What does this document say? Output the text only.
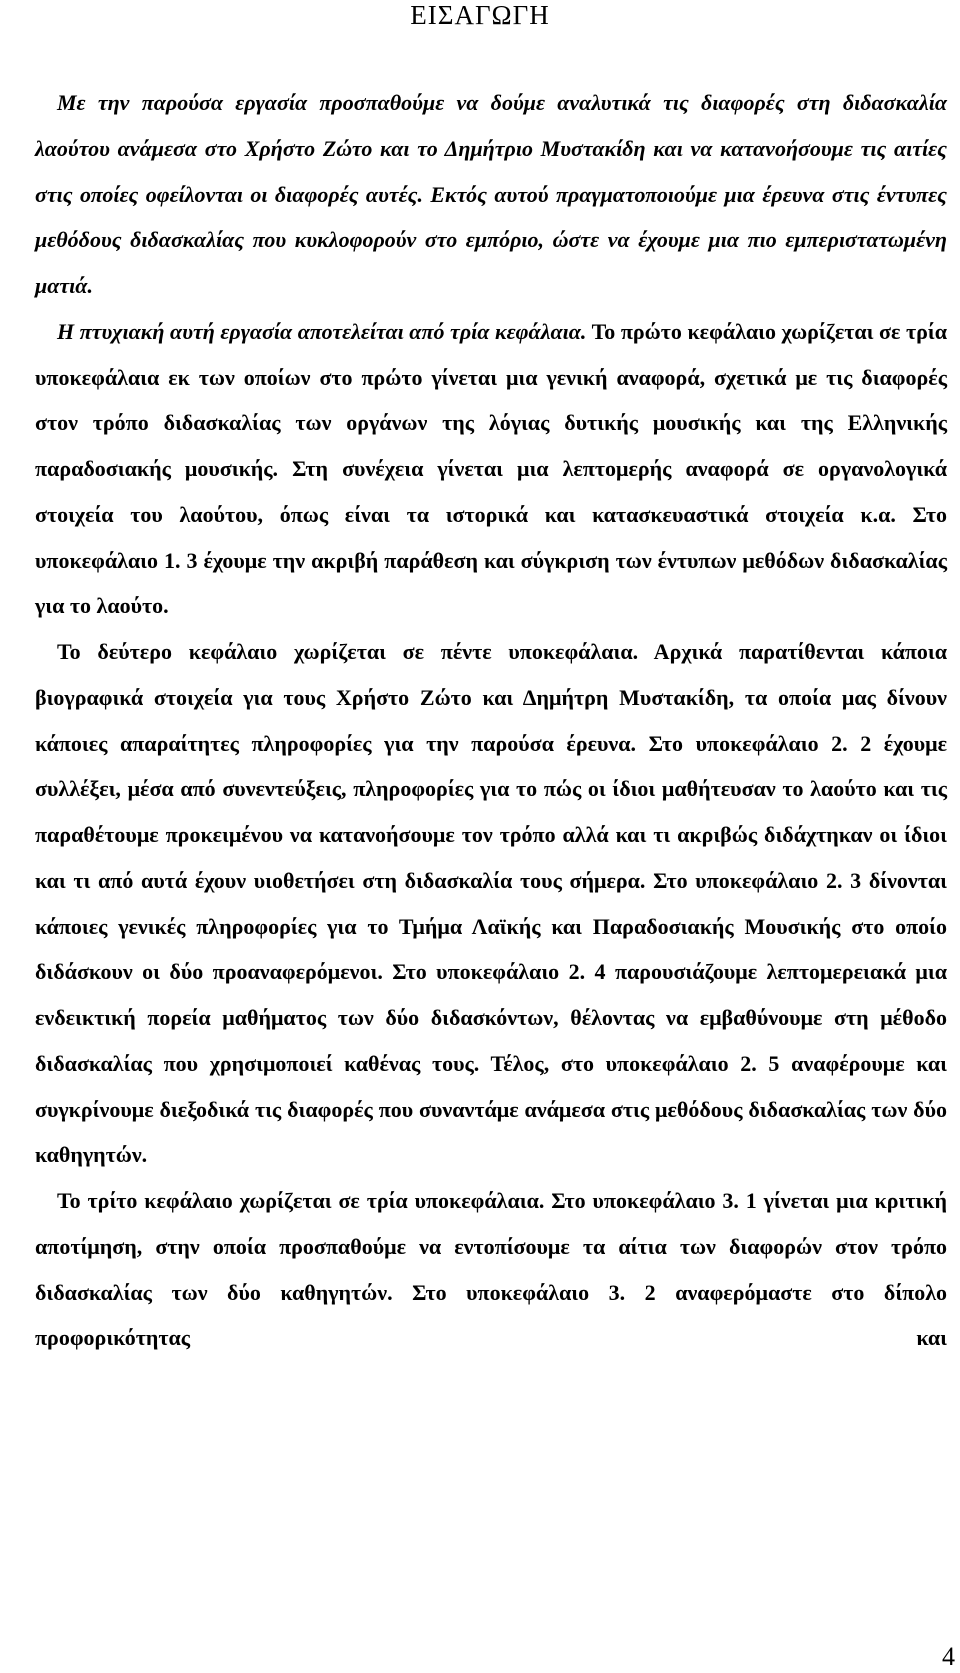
ΕΙΣΑΓΩΓΗ

Με την παρούσα εργασία προσπαθούμε να δούμε αναλυτικά τις διαφορές στη διδασκαλία λαούτου ανάμεσα στο Χρήστο Ζώτο και το Δημήτριο Μυστακίδη και να κατανοήσουμε τις αιτίες στις οποίες οφείλονται οι διαφορές αυτές. Εκτός αυτού πραγματοποιούμε μια έρευνα στις έντυπες μεθόδους διδασκαλίας που κυκλοφορούν στο εμπόριο, ώστε να έχουμε μια πιο εμπεριστατωμένη ματιά.

Η πτυχιακή αυτή εργασία αποτελείται από τρία κεφάλαια. Το πρώτο κεφάλαιο χωρίζεται σε τρία υποκεφάλαια εκ των οποίων στο πρώτο γίνεται μια γενική αναφορά, σχετικά με τις διαφορές στον τρόπο διδασκαλίας των οργάνων της λόγιας δυτικής μουσικής και της Ελληνικής παραδοσιακής μουσικής. Στη συνέχεια γίνεται μια λεπτομερής αναφορά σε οργανολογικά στοιχεία του λαούτου, όπως είναι τα ιστορικά και κατασκευαστικά στοιχεία κ.α. Στο υποκεφάλαιο 1. 3 έχουμε την ακριβή παράθεση και σύγκριση των έντυπων μεθόδων διδασκαλίας για το λαούτο.

Το δεύτερο κεφάλαιο χωρίζεται σε πέντε υποκεφάλαια. Αρχικά παρατίθενται κάποια βιογραφικά στοιχεία για τους Χρήστο Ζώτο και Δημήτρη Μυστακίδη, τα οποία μας δίνουν κάποιες απαραίτητες πληροφορίες για την παρούσα έρευνα. Στο υποκεφάλαιο 2. 2 έχουμε συλλέξει, μέσα από συνεντεύξεις, πληροφορίες για το πώς οι ίδιοι μαθήτευσαν το λαούτο και τις παραθέτουμε προκειμένου να κατανοήσουμε τον τρόπο αλλά και τι ακριβώς διδάχτηκαν οι ίδιοι και τι από αυτά έχουν υιοθετήσει στη διδασκαλία τους σήμερα. Στο υποκεφάλαιο 2. 3 δίνονται κάποιες γενικές πληροφορίες για το Τμήμα Λαϊκής και Παραδοσιακής Μουσικής στο οποίο διδάσκουν οι δύο προαναφερόμενοι. Στο υποκεφάλαιο 2. 4 παρουσιάζουμε λεπτομερειακά μια ενδεικτική πορεία μαθήματος των δύο διδασκόντων, θέλοντας να εμβαθύνουμε στη μέθοδο διδασκαλίας που χρησιμοποιεί καθένας τους. Τέλος, στο υποκεφάλαιο 2. 5 αναφέρουμε και συγκρίνουμε διεξοδικά τις διαφορές που συναντάμε ανάμεσα στις μεθόδους διδασκαλίας των δύο καθηγητών.

Το τρίτο κεφάλαιο χωρίζεται σε τρία υποκεφάλαια. Στο υποκεφάλαιο 3. 1 γίνεται μια κριτική αποτίμηση, στην οποία προσπαθούμε να εντοπίσουμε τα αίτια των διαφορών στον τρόπο διδασκαλίας των δύο καθηγητών. Στο υποκεφάλαιο 3. 2 αναφερόμαστε στο δίπολο προφορικότητας και

4
